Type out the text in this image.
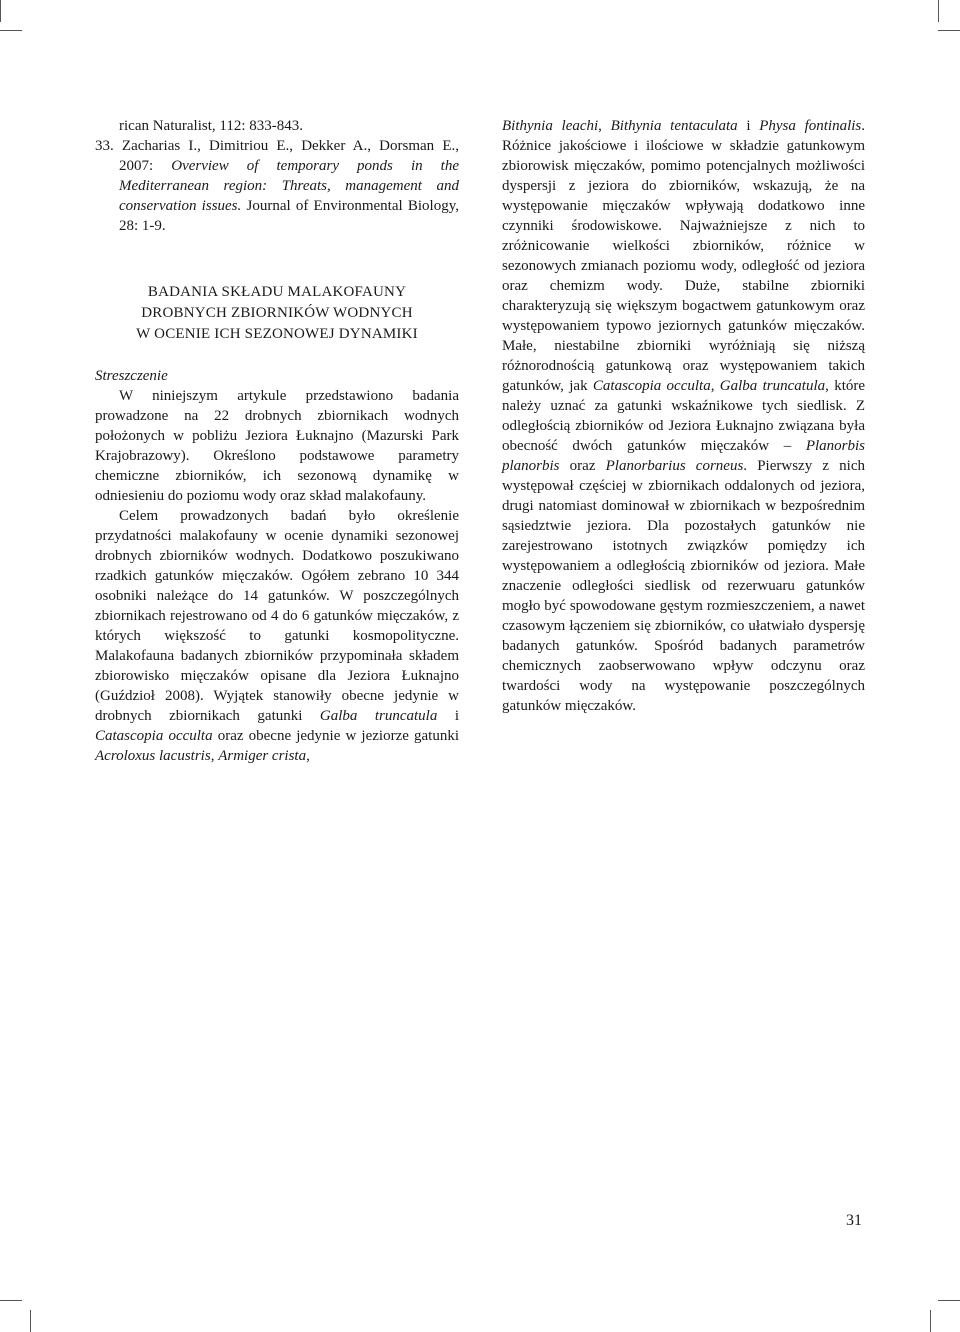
rican Naturalist, 112: 833-843.
33. Zacharias I., Dimitriou E., Dekker A., Dorsman E., 2007: Overview of temporary ponds in the Mediterranean region: Threats, management and conservation issues. Journal of Environmental Biology, 28: 1-9.
BADANIA SKŁADU MALAKOFAUNY
DROBNYCH ZBIORNIKÓW WODNYCH
W OCENIE ICH SEZONOWEJ DYNAMIKI
Streszczenie

W niniejszym artykule przedstawiono badania prowadzone na 22 drobnych zbiornikach wodnych położonych w pobliżu Jeziora Łuknajno (Mazurski Park Krajobrazowy). Określono podstawowe parametry chemiczne zbiorników, ich sezonową dynamikę w odniesieniu do poziomu wody oraz skład malakofauny.

Celem prowadzonych badań było określenie przydatności malakofauny w ocenie dynamiki sezonowej drobnych zbiorników wodnych. Dodatkowo poszukiwano rzadkich gatunków mięczaków. Ogółem zebrano 10 344 osobniki należące do 14 gatunków. W poszczególnych zbiornikach rejestrowano od 4 do 6 gatunków mięczaków, z których większość to gatunki kosmopolityczne. Malakofauna badanych zbiorników przypominała składem zbiorowisko mięczaków opisane dla Jeziora Łuknajno (Guździoł 2008). Wyjątek stanowiły obecne jedynie w drobnych zbiornikach gatunki Galba truncatula i Catascopia occulta oraz obecne jedynie w jeziorze gatunki Acroloxus lacustris, Armiger crista,

Bithynia leachi, Bithynia tentaculata i Physa fontinalis. Różnice jakościowe i ilościowe w składzie gatunkowym zbiorowisk mięczaków, pomimo potencjalnych możliwości dyspersji z jeziora do zbiorników, wskazują, że na występowanie mięczaków wpływają dodatkowo inne czynniki środowiskowe. Najważniejsze z nich to zróżnicowanie wielkości zbiorników, różnice w sezonowych zmianach poziomu wody, odległość od jeziora oraz chemizm wody. Duże, stabilne zbiorniki charakteryzują się większym bogactwem gatunkowym oraz występowaniem typowo jeziornych gatunków mięczaków. Małe, niestabilne zbiorniki wyróżniają się niższą różnorodnością gatunkową oraz występowaniem takich gatunków, jak Catascopia occulta, Galba truncatula, które należy uznać za gatunki wskaźnikowe tych siedlisk. Z odległością zbiorników od Jeziora Łuknajno związana była obecność dwóch gatunków mięczaków – Planorbis planorbis oraz Planorbarius corneus. Pierwszy z nich występował częściej w zbiornikach oddalonych od jeziora, drugi natomiast dominował w zbiornikach w bezpośrednim sąsiedztwie jeziora. Dla pozostałych gatunków nie zarejestrowano istotnych związków pomiędzy ich występowaniem a odległością zbiorników od jeziora. Małe znaczenie odległości siedlisk od rezerwuaru gatunków mogło być spowodowane gęstym rozmieszczeniem, a nawet czasowym łączeniem się zbiorników, co ułatwiało dyspersję badanych gatunków. Spośród badanych parametrów chemicznych zaobserwowano wpływ odczynu oraz twardości wody na występowanie poszczególnych gatunków mięczaków.

31
